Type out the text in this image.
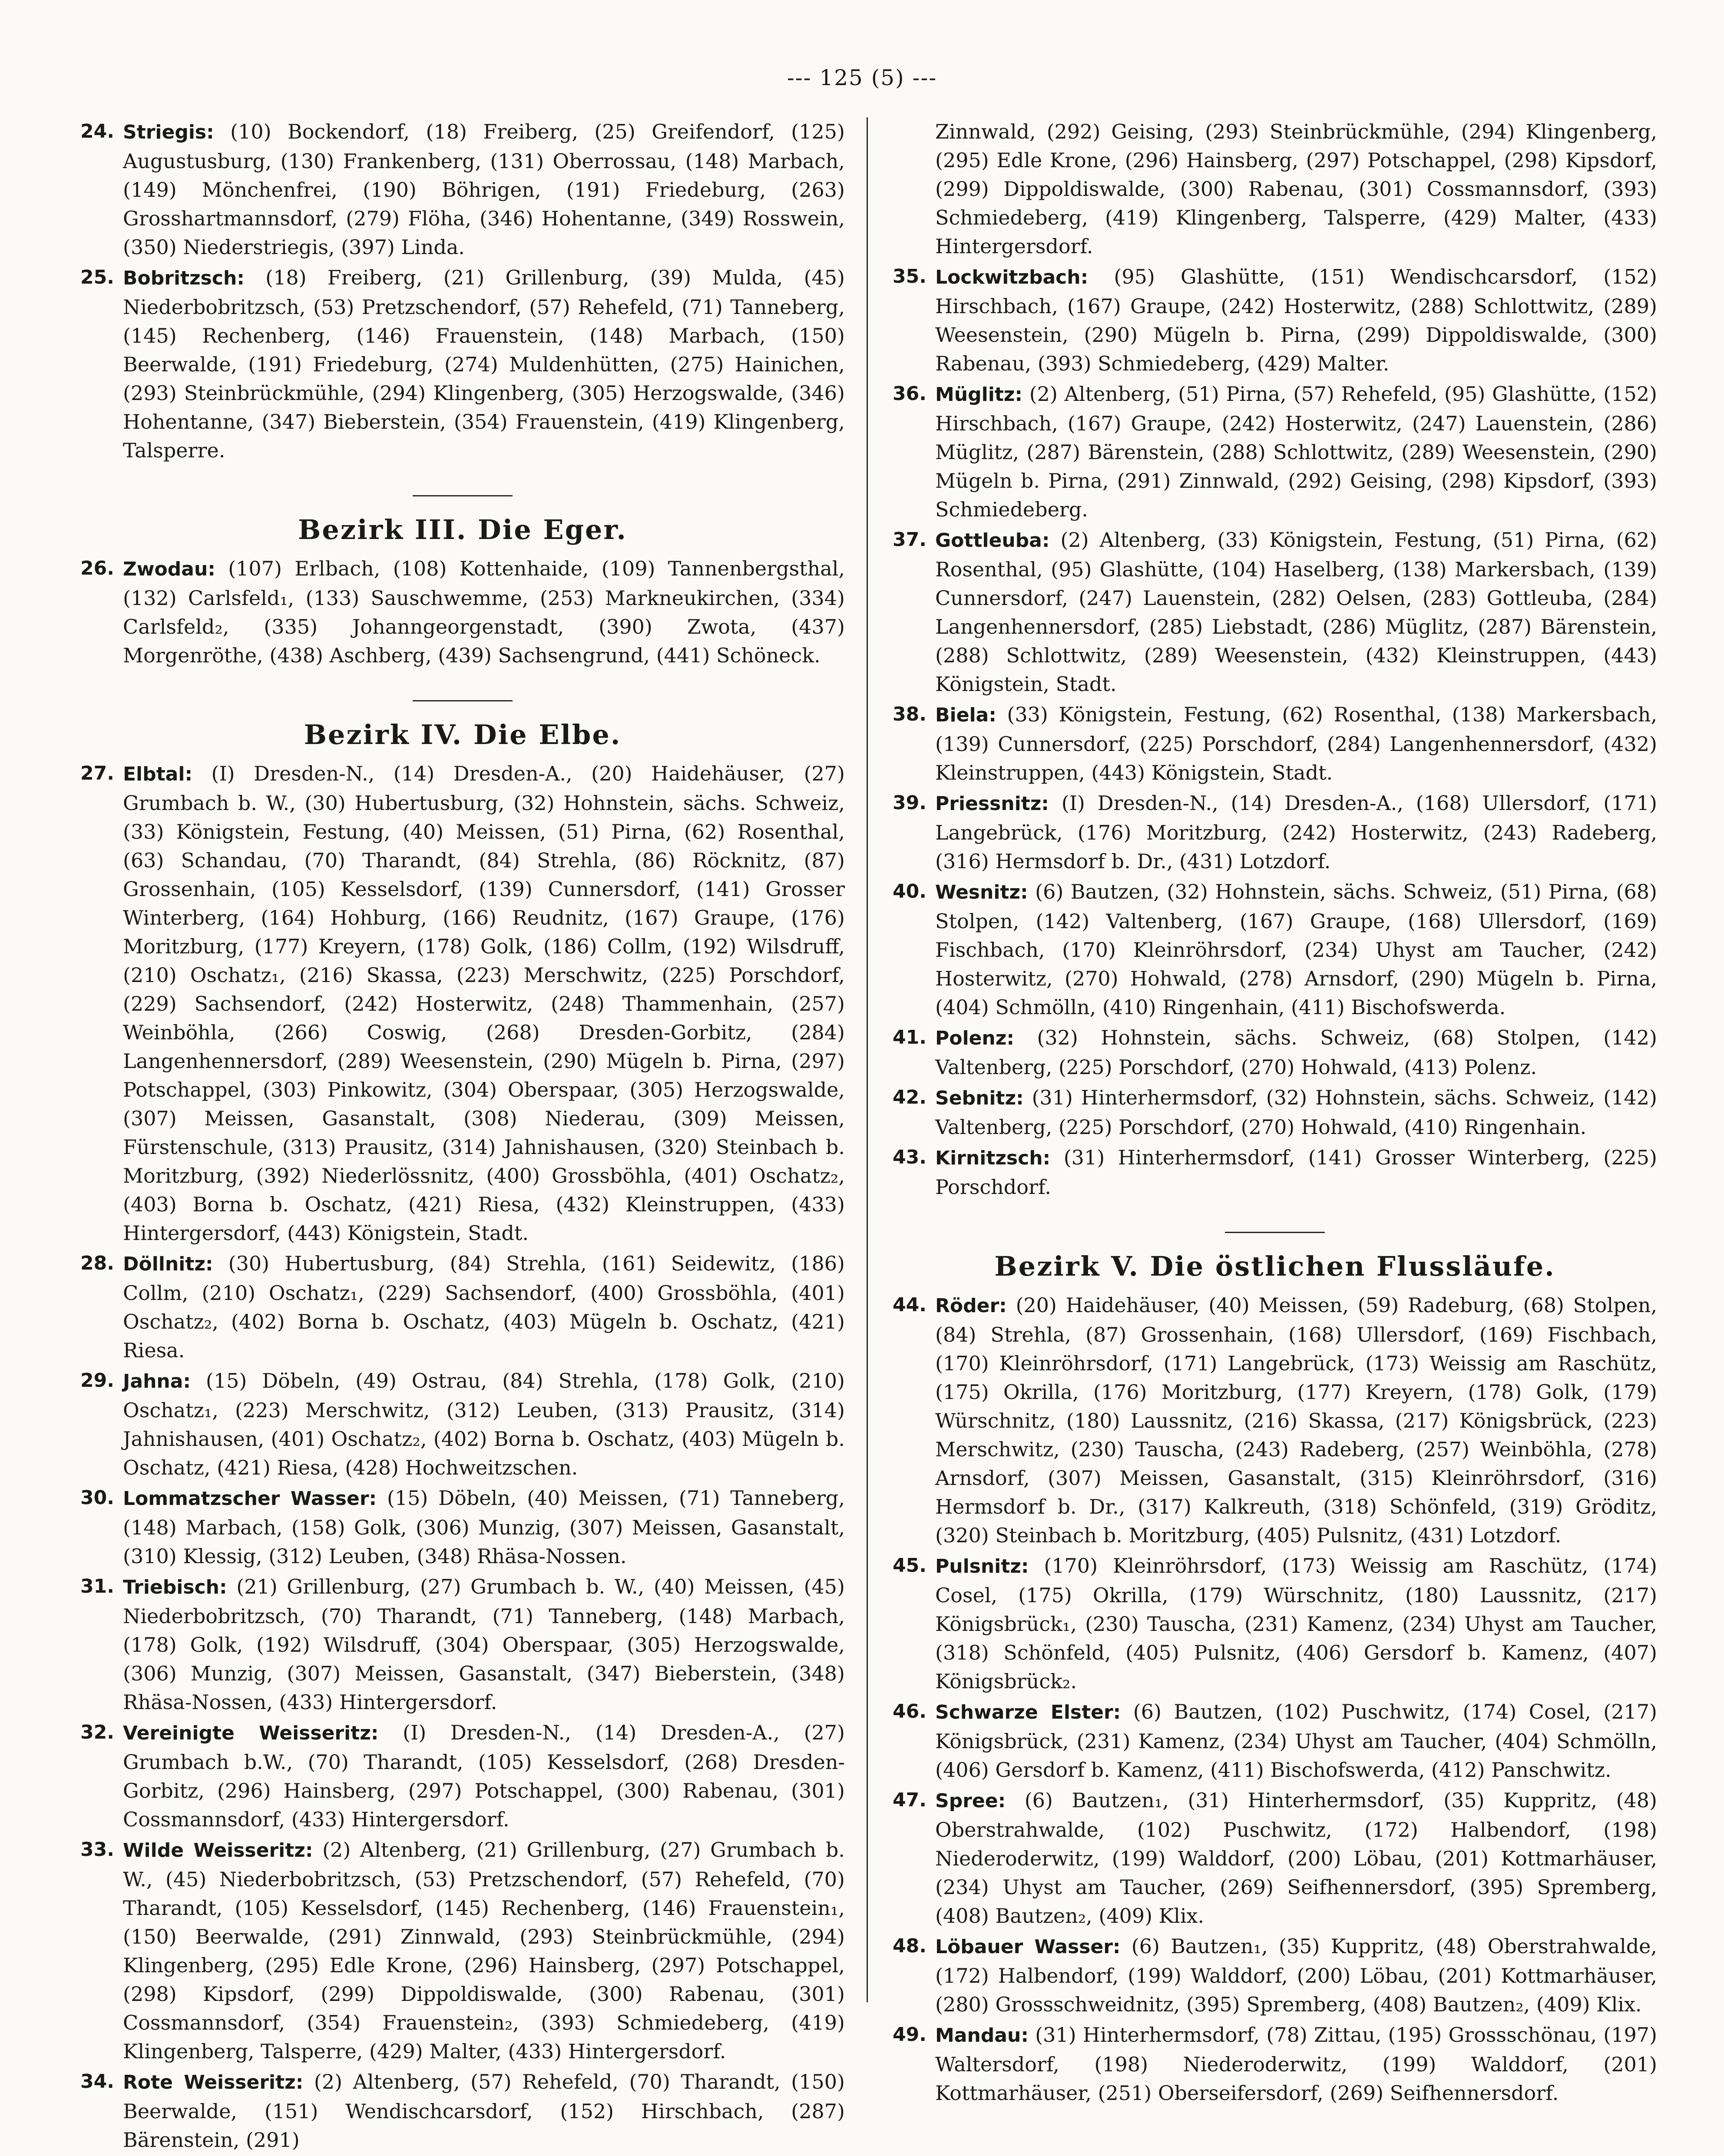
--- 125 (5) ---
24. Striegis: (10) Bockendorf, (18) Freiberg, (25) Greifendorf, (125) Augustusburg, (130) Frankenberg, (131) Oberrossau, (148) Marbach, (149) Mönchenfrei, (190) Böhrigen, (191) Friedeburg, (263) Grosshartmannsdorf, (279) Flöha, (346) Hohentanne, (349) Rosswein, (350) Niederstriegis, (397) Linda.
25. Bobritzsch: (18) Freiberg, (21) Grillenburg, (39) Mulda, (45) Niederbobritzsch, (53) Pretzschendorf, (57) Rehefeld, (71) Tanneberg, (145) Rechenberg, (146) Frauenstein, (148) Marbach, (150) Beerwalde, (191) Friedeburg, (274) Muldenhütten, (275) Hainichen, (293) Steinbrückmühle, (294) Klingenberg, (305) Herzogswalde, (346) Hohentanne, (347) Bieberstein, (354) Frauenstein, (419) Klingenberg, Talsperre.
Bezirk III. Die Eger.
26. Zwodau: (107) Erlbach, (108) Kottenhaide, (109) Tannenbergsthal, (132) Carlsfeld₁, (133) Sauschwemme, (253) Markneukirchen, (334) Carlsfeld₂, (335) Johanngeorgenstadt, (390) Zwota, (437) Morgenröthe, (438) Aschberg, (439) Sachsengrund, (441) Schöneck.
Bezirk IV. Die Elbe.
27. Elbtal: (I) Dresden-N., (14) Dresden-A., (20) Haidehäuser, (27) Grumbach b. W., (30) Hubertusburg, (32) Hohnstein, sächs. Schweiz, (33) Königstein, Festung, (40) Meissen, (51) Pirna, (62) Rosenthal, (63) Schandau, (70) Tharandt, (84) Strehla, (86) Röcknitz, (87) Grossenhain, (105) Kesselsdorf, (139) Cunnersdorf, (141) Grosser Winterberg, (164) Hohburg, (166) Reudnitz, (167) Graupe, (176) Moritzburg, (177) Kreyern, (178) Golk, (186) Collm, (192) Wilsdruff, (210) Oschatz₁, (216) Skassa, (223) Merschwitz, (225) Porschdorf, (229) Sachsendorf, (242) Hosterwitz, (248) Thammenhain, (257) Weinböhla, (266) Coswig, (268) Dresden-Gorbitz, (284) Langenhennersdorf, (289) Weesenstein, (290) Mügeln b. Pirna, (297) Potschappel, (303) Pinkowitz, (304) Oberspaar, (305) Herzogswalde, (307) Meissen, Gasanstalt, (308) Niederau, (309) Meissen, Fürstenschule, (313) Prausitz, (314) Jahnishausen, (320) Steinbach b. Moritzburg, (392) Niederlössnitz, (400) Grossböhla, (401) Oschatz₂, (403) Borna b. Oschatz, (421) Riesa, (432) Kleinstruppen, (433) Hintergersdorf, (443) Königstein, Stadt.
28. Döllnitz: (30) Hubertusburg, (84) Strehla, (161) Seidewitz, (186) Collm, (210) Oschatz₁, (229) Sachsendorf, (400) Grossböhla, (401) Oschatz₂, (402) Borna b. Oschatz, (403) Mügeln b. Oschatz, (421) Riesa.
29. Jahna: (15) Döbeln, (49) Ostrau, (84) Strehla, (178) Golk, (210) Oschatz₁, (223) Merschwitz, (312) Leuben, (313) Prausitz, (314) Jahnishausen, (401) Oschatz₂, (402) Borna b. Oschatz, (403) Mügeln b. Oschatz, (421) Riesa, (428) Hochweitzschen.
30. Lommatzscher Wasser: (15) Döbeln, (40) Meissen, (71) Tanneberg, (148) Marbach, (158) Golk, (306) Munzig, (307) Meissen, Gasanstalt, (310) Klessig, (312) Leuben, (348) Rhäsa-Nossen.
31. Triebisch: (21) Grillenburg, (27) Grumbach b. W., (40) Meissen, (45) Niederbobritzsch, (70) Tharandt, (71) Tanneberg, (148) Marbach, (178) Golk, (192) Wilsdruff, (304) Oberspaar, (305) Herzogswalde, (306) Munzig, (307) Meissen, Gasanstalt, (347) Bieberstein, (348) Rhäsa-Nossen, (433) Hintergersdorf.
32. Vereinigte Weisseritz: (I) Dresden-N., (14) Dresden-A., (27) Grumbach b.W., (70) Tharandt, (105) Kesselsdorf, (268) Dresden-Gorbitz, (296) Hainsberg, (297) Potschappel, (300) Rabenau, (301) Cossmannsdorf, (433) Hintergersdorf.
33. Wilde Weisseritz: (2) Altenberg, (21) Grillenburg, (27) Grumbach b. W., (45) Niederbobritzsch, (53) Pretzschendorf, (57) Rehefeld, (70) Tharandt, (105) Kesselsdorf, (145) Rechenberg, (146) Frauenstein₁, (150) Beerwalde, (291) Zinnwald, (293) Steinbrückmühle, (294) Klingenberg, (295) Edle Krone, (296) Hainsberg, (297) Potschappel, (298) Kipsdorf, (299) Dippoldiswalde, (300) Rabenau, (301) Cossmannsdorf, (354) Frauenstein₂, (393) Schmiedeberg, (419) Klingenberg, Talsperre, (429) Malter, (433) Hintergersdorf.
34. Rote Weisseritz: (2) Altenberg, (57) Rehefeld, (70) Tharandt, (150) Beerwalde, (151) Wendischcarsdorf, (152) Hirschbach, (287) Bärenstein, (291)
Zinnwald, (292) Geising, (293) Steinbrückmühle, (294) Klingenberg, (295) Edle Krone, (296) Hainsberg, (297) Potschappel, (298) Kipsdorf, (299) Dippoldiswalde, (300) Rabenau, (301) Cossmannsdorf, (393) Schmiedeberg, (419) Klingenberg, Talsperre, (429) Malter, (433) Hintergersdorf.
35. Lockwitzbach: (95) Glashütte, (151) Wendischcarsdorf, (152) Hirschbach, (167) Graupe, (242) Hosterwitz, (288) Schlottwitz, (289) Weesenstein, (290) Mügeln b. Pirna, (299) Dippoldiswalde, (300) Rabenau, (393) Schmiedeberg, (429) Malter.
36. Müglitz: (2) Altenberg, (51) Pirna, (57) Rehefeld, (95) Glashütte, (152) Hirschbach, (167) Graupe, (242) Hosterwitz, (247) Lauenstein, (286) Müglitz, (287) Bärenstein, (288) Schlottwitz, (289) Weesenstein, (290) Mügeln b. Pirna, (291) Zinnwald, (292) Geising, (298) Kipsdorf, (393) Schmiedeberg.
37. Gottleuba: (2) Altenberg, (33) Königstein, Festung, (51) Pirna, (62) Rosenthal, (95) Glashütte, (104) Haselberg, (138) Markersbach, (139) Cunnersdorf, (247) Lauenstein, (282) Oelsen, (283) Gottleuba, (284) Langenhennersdorf, (285) Liebstadt, (286) Müglitz, (287) Bärenstein, (288) Schlottwitz, (289) Weesenstein, (432) Kleinstruppen, (443) Königstein, Stadt.
38. Biela: (33) Königstein, Festung, (62) Rosenthal, (138) Markersbach, (139) Cunnersdorf, (225) Porschdorf, (284) Langenhennersdorf, (432) Kleinstruppen, (443) Königstein, Stadt.
39. Priessnitz: (I) Dresden-N., (14) Dresden-A., (168) Ullersdorf, (171) Langebrück, (176) Moritzburg, (242) Hosterwitz, (243) Radeberg, (316) Hermsdorf b. Dr., (431) Lotzdorf.
40. Wesnitz: (6) Bautzen, (32) Hohnstein, sächs. Schweiz, (51) Pirna, (68) Stolpen, (142) Valtenberg, (167) Graupe, (168) Ullersdorf, (169) Fischbach, (170) Kleinröhrsdorf, (234) Uhyst am Taucher, (242) Hosterwitz, (270) Hohwald, (278) Arnsdorf, (290) Mügeln b. Pirna, (404) Schmölln, (410) Ringenhain, (411) Bischofswerda.
41. Polenz: (32) Hohnstein, sächs. Schweiz, (68) Stolpen, (142) Valtenberg, (225) Porschdorf, (270) Hohwald, (413) Polenz.
42. Sebnitz: (31) Hinterhermsdorf, (32) Hohnstein, sächs. Schweiz, (142) Valtenberg, (225) Porschdorf, (270) Hohwald, (410) Ringenhain.
43. Kirnitzsch: (31) Hinterhermsdorf, (141) Grosser Winterberg, (225) Porschdorf.
Bezirk V. Die östlichen Flussläufe.
44. Röder: (20) Haidehäuser, (40) Meissen, (59) Radeburg, (68) Stolpen, (84) Strehla, (87) Grossenhain, (168) Ullersdorf, (169) Fischbach, (170) Kleinröhrsdorf, (171) Langebrück, (173) Weissig am Raschütz, (175) Okrilla, (176) Moritzburg, (177) Kreyern, (178) Golk, (179) Würschnitz, (180) Laussnitz, (216) Skassa, (217) Königsbrück, (223) Merschwitz, (230) Tauscha, (243) Radeberg, (257) Weinböhla, (278) Arnsdorf, (307) Meissen, Gasanstalt, (315) Kleinröhrsdorf, (316) Hermsdorf b. Dr., (317) Kalkreuth, (318) Schönfeld, (319) Gröditz, (320) Steinbach b. Moritzburg, (405) Pulsnitz, (431) Lotzdorf.
45. Pulsnitz: (170) Kleinröhrsdorf, (173) Weissig am Raschütz, (174) Cosel, (175) Okrilla, (179) Würschnitz, (180) Laussnitz, (217) Königsbrück₁, (230) Tauscha, (231) Kamenz, (234) Uhyst am Taucher, (318) Schönfeld, (405) Pulsnitz, (406) Gersdorf b. Kamenz, (407) Königsbrück₂.
46. Schwarze Elster: (6) Bautzen, (102) Puschwitz, (174) Cosel, (217) Königsbrück, (231) Kamenz, (234) Uhyst am Taucher, (404) Schmölln, (406) Gersdorf b. Kamenz, (411) Bischofswerda, (412) Panschwitz.
47. Spree: (6) Bautzen₁, (31) Hinterhermsdorf, (35) Kuppritz, (48) Oberstrahwalde, (102) Puschwitz, (172) Halbendorf, (198) Niederoderwitz, (199) Walddorf, (200) Löbau, (201) Kottmarhäuser, (234) Uhyst am Taucher, (269) Seifhennersdorf, (395) Spremberg, (408) Bautzen₂, (409) Klix.
48. Löbauer Wasser: (6) Bautzen₁, (35) Kuppritz, (48) Oberstrahwalde, (172) Halbendorf, (199) Walddorf, (200) Löbau, (201) Kottmarhäuser, (280) Grossschweidnitz, (395) Spremberg, (408) Bautzen₂, (409) Klix.
49. Mandau: (31) Hinterhermsdorf, (78) Zittau, (195) Grossschönau, (197) Waltersdorf, (198) Niederoderwitz, (199) Walddorf, (201) Kottmarhäuser, (251) Oberseifersdorf, (269) Seifhennersdorf.
